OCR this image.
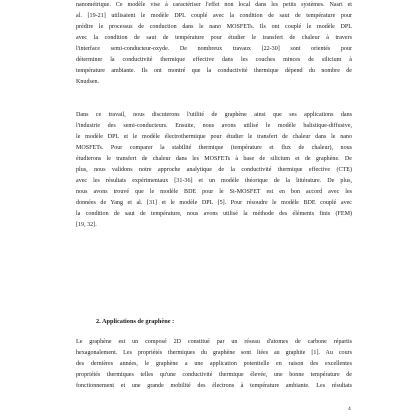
nanométrique. Ce modèle vise à caractériser l'effet non local dans les petits systèmes. Nasri et
al. [19-21] utilisaient le modèle DPL couplé avec la condition de saut de température pour
prédire le processus de conduction dans le nano MOSFETs. Ils ont couplé le modèle DPL
avec la condition de saut de température pour étudier le transfert de chaleur à travers
l'interface semi-conducteur-oxyde. De nombreux travaux [22-30] sont orientés pour
déterminer la conductivité thermique effective dans les couches minces de silicium à
température ambiante. Ils ont montré que la conductivité thermique dépend du nombre de
Knudsen.
Dans ce travail, nous discuterons l'utilité de graphène ainsi que ses applications dans
l'industrie des semi-conducteurs. Ensuite, nous avons utilisé le modèle balistique-diffusive,
le modèle DPL et le modèle électrothermique pour étudier le transfert de chaleur dans le nano
MOSFETs. Pour comparer la stabilité thermique (température et flux de chaleur), nous
étudierons le transfert de chaleur dans les MOSFETs à base de silicium et de graphène. De
plus, nous validons notre approche analytique de la conductivité thermique effective (CTE)
avec les résultats expérimentaux [31-36] et un modèle théorique de la littérature. De plus,
nous avons trouvé que le modèle BDE pour le Si-MOSFET est en bon accord avec les
données de Yang et al. [31] et le modèle DPL [5]. Pour résoudre le modèle BDE couplé avec
la condition de saut de température, nous avons utilisé la méthode des éléments finis (FEM)
[19, 32].
2. Applications de graphène :
Le graphène est un composé 2D constitué par un réseau d'atomes de carbone répartis
hexagonalement. Les propriétés thermiques du graphène sont liées au graphite [1]. Au cours
des dernières années, le graphène a une application potentielle en raison des excellentes
propriétés thermiques telles qu'une conductivité thermique élevée, une bonne température de
fonctionnement et une grande mobilité des électrons à température ambiante. Les résultats
4
